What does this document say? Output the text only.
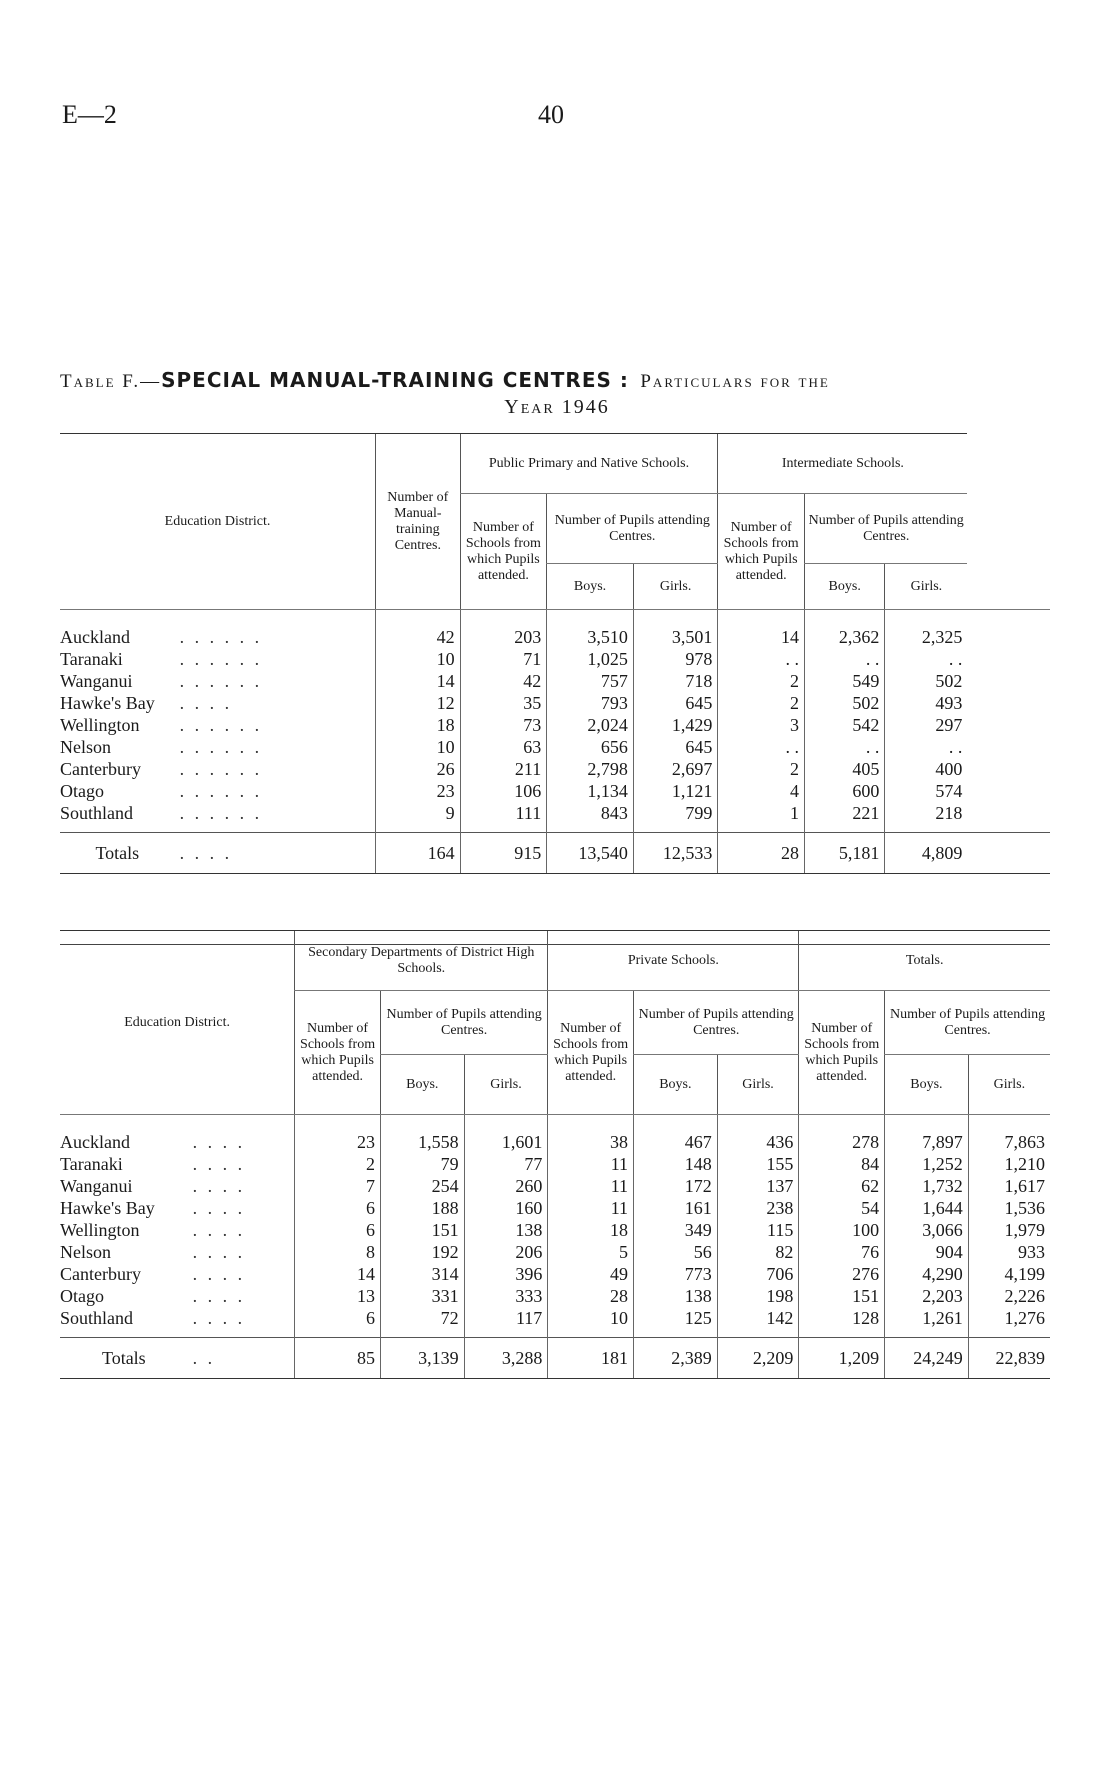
E—2	40
Table F.—SPECIAL MANUAL-TRAINING CENTRES : Particulars for the
Year 1946
Education District.		Number of Manual-training Centres.	Public Primary and Native Schools.			Intermediate Schools.			
			Number of Schools from which Pupils attended.	Number of Pupils attending Centres.		Number of Schools from which Pupils attended.	Number of Pupils attending Centres.		
				Boys.	Girls.		Boys.	Girls.	
Auckland	. . . . . .	42	203	3,510	3,501	14	2,362	2,325	
Taranaki	. . . . . .	10	71	1,025	978	. .	. .	. .	
Wanganui	. . . . . .	14	42	757	718	2	549	502	
Hawke's Bay	. . . .	12	35	793	645	2	502	493	
Wellington	. . . . . .	18	73	2,024	1,429	3	542	297	
Nelson	. . . . . .	10	63	656	645	. .	. .	. .	
Canterbury	. . . . . .	26	211	2,798	2,697	2	405	400	
Otago	. . . . . .	23	106	1,134	1,121	4	600	574	
Southland	. . . . . .	9	111	843	799	1	221	218	
Totals	. . . .	164	915	13,540	12,533	28	5,181	4,809	
Education District.		Secondary Departments of District High Schools.			Private Schools.			Totals.		
		Number of Schools from which Pupils attended.	Number of Pupils attending Centres.		Number of Schools from which Pupils attended.	Number of Pupils attending Centres.		Number of Schools from which Pupils attended.	Number of Pupils attending Centres.	
			Boys.	Girls.		Boys.	Girls.		Boys.	Girls.
Auckland	. . . .	23	1,558	1,601	38	467	436	278	7,897	7,863
Taranaki	. . . .	2	79	77	11	148	155	84	1,252	1,210
Wanganui	. . . .	7	254	260	11	172	137	62	1,732	1,617
Hawke's Bay	. . . .	6	188	160	11	161	238	54	1,644	1,536
Wellington	. . . .	6	151	138	18	349	115	100	3,066	1,979
Nelson	. . . .	8	192	206	5	56	82	76	904	933
Canterbury	. . . .	14	314	396	49	773	706	276	4,290	4,199
Otago	. . . .	13	331	333	28	138	198	151	2,203	2,226
Southland	. . . .	6	72	117	10	125	142	128	1,261	1,276
Totals	. .	85	3,139	3,288	181	2,389	2,209	1,209	24,249	22,839
